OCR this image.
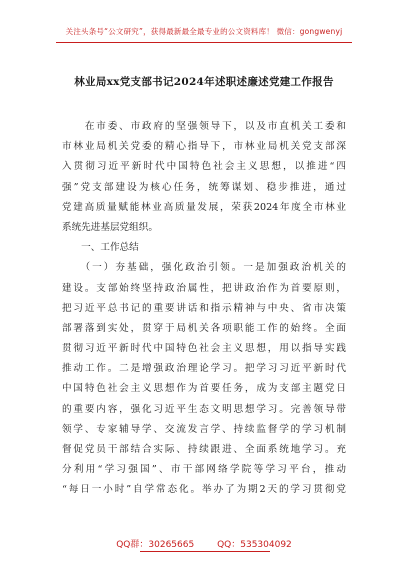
关注头条号“公文研究”，获得最新最全最专业的公文资料库！ 微信：gongwenyj
林业局xx党支部书记2024年述职述廉述党建工作报告
　　在市委、市政府的坚强领导下，以及市直机关工委和
市林业局机关党委的精心指导下，市林业局机关党支部深
入贯彻习近平新时代中国特色社会主义思想，以推进“四
强”党支部建设为核心任务，统筹谋划、稳步推进，通过
党建高质量赋能林业高质量发展，荣获2024年度全市林业
系统先进基层党组织。
　　一、工作总结
　　（一）夯基础，强化政治引领。一是加强政治机关的
建设。支部始终坚持政治属性，把讲政治作为首要原则，
把习近平总书记的重要讲话和指示精神与中央、省市决策
部署落到实处，贯穿于局机关各项职能工作的始终。全面
贯彻习近平新时代中国特色社会主义思想，用以指导实践
推动工作。二是增强政治理论学习。把学习习近平新时代
中国特色社会主义思想作为首要任务，成为支部主题党日
的重要内容，强化习近平生态文明思想学习。完善领导带
领学、专家辅导学、交流发言学、持续监督学的学习机制
督促党员干部结合实际、持续跟进、全面系统地学习。充
分利用“学习强国”、市干部网络学院等学习平台，推动
“每日一小时”自学常态化。举办了为期2天的学习贯彻党
QQ群：30265665	QQ：535304092
